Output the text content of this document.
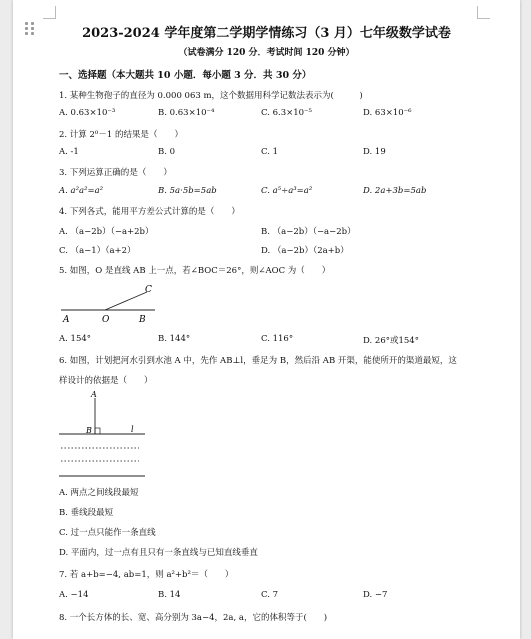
2023-2024 学年度第二学期学情练习（3 月）七年级数学试卷
（试卷满分 120 分．考试时间 120 分钟）
一、选择题（本大题共 10 小题．每小题 3 分．共 30 分）
1. 某种生物孢子的直径为 0.000 063 m，这个数据用科学记数法表示为(　　　)
A. 0.63×10⁻³	B. 0.63×10⁻⁴	C. 6.3×10⁻⁵	D. 63×10⁻⁶
2. 计算 2⁰－1 的结果是（　　）
A. -1	B. 0	C. 1	D. 19
3. 下列运算正确的是（　　）
A. a²a²=a²	B. 5a·5b=5ab	C. a⁵÷a³=a²	D. 2a+3b=5ab
4. 下列各式，能用平方差公式计算的是（　　）
A. （a−2b）（−a+2b）	B. （a−2b）（−a−2b）
C. （a−1）（a+2）	D. （a−2b）（2a+b）
5. 如图，O 是直线 AB 上一点，若∠BOC＝26°，则∠AOC 为（　　）
C
A	O	B
A. 154°	B. 144°	C. 116°	D. 26°或154°
6. 如图，计划把河水引到水池 A 中，先作 AB⊥l，垂足为 B，然后沿 AB 开渠，能使所开的渠道最短，这
样设计的依据是（　　）
A
B	l
A. 两点之间线段最短
B. 垂线段最短
C. 过一点只能作一条直线
D. 平面内，过一点有且只有一条直线与已知直线垂直
7. 若 a+b=−4, ab=1，则 a²+b²＝（　　）
A. −14	B. 14	C. 7	D. −7
8. 一个长方体的长、宽、高分别为 3a−4，2a, a，它的体积等于(　　)
